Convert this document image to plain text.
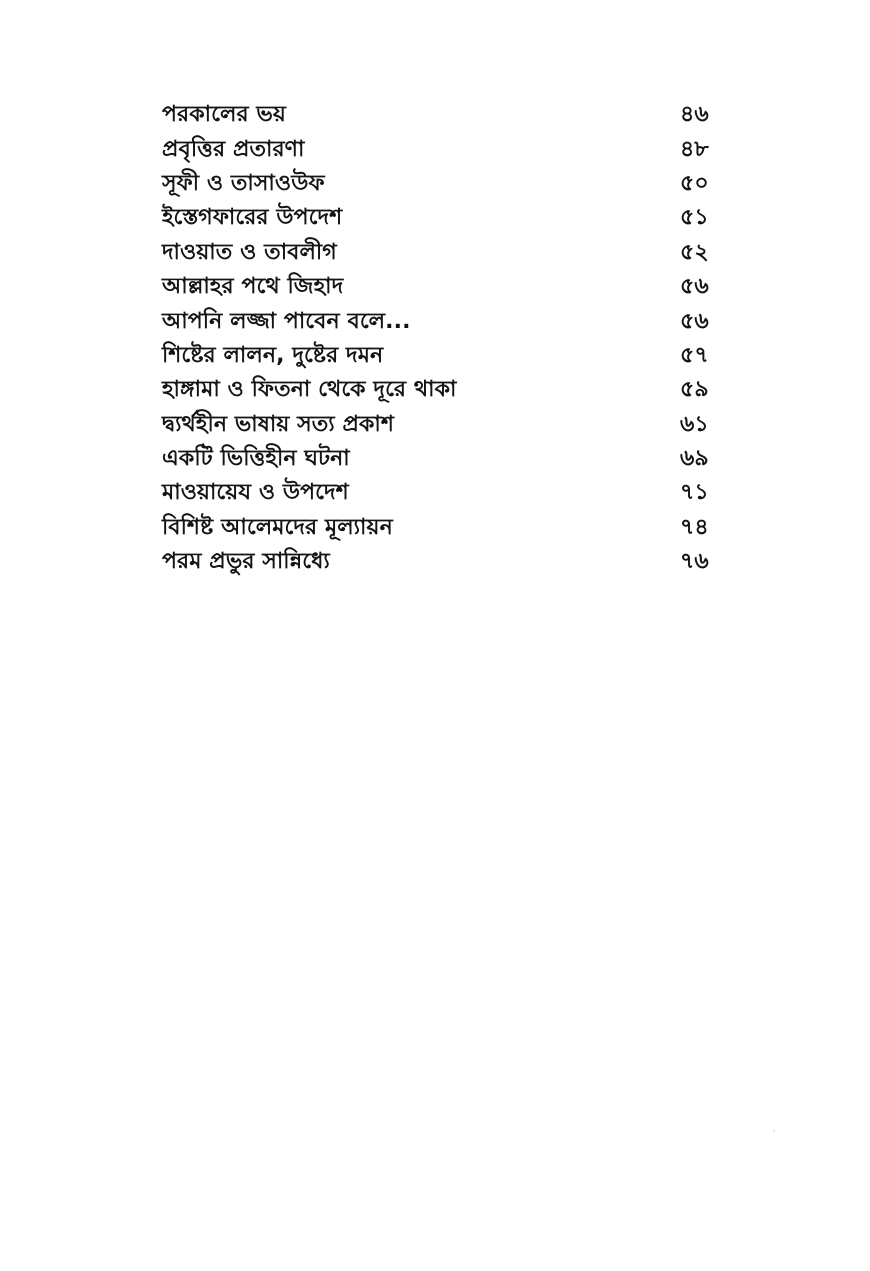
পরকালের ভয়	৪৬
প্রবৃত্তির প্রতারণা	৪৮
সূফী ও তাসাওউফ	৫০
ইস্তেগফারের উপদেশ	৫১
দাওয়াত ও তাবলীগ	৫২
আল্লাহর পথে জিহাদ	৫৬
আপনি লজ্জা পাবেন বলে...	৫৬
শিষ্টের লালন, দুষ্টের দমন	৫৭
হাঙ্গামা ও ফিতনা থেকে দূরে থাকা	৫৯
দ্ব্যর্থহীন ভাষায় সত্য প্রকাশ	৬১
একটি ভিত্তিহীন ঘটনা	৬৯
মাওয়ায়েয ও উপদেশ	৭১
বিশিষ্ট আলেমদের মূল্যায়ন	৭৪
পরম প্রভুর সান্নিধ্যে	৭৬
